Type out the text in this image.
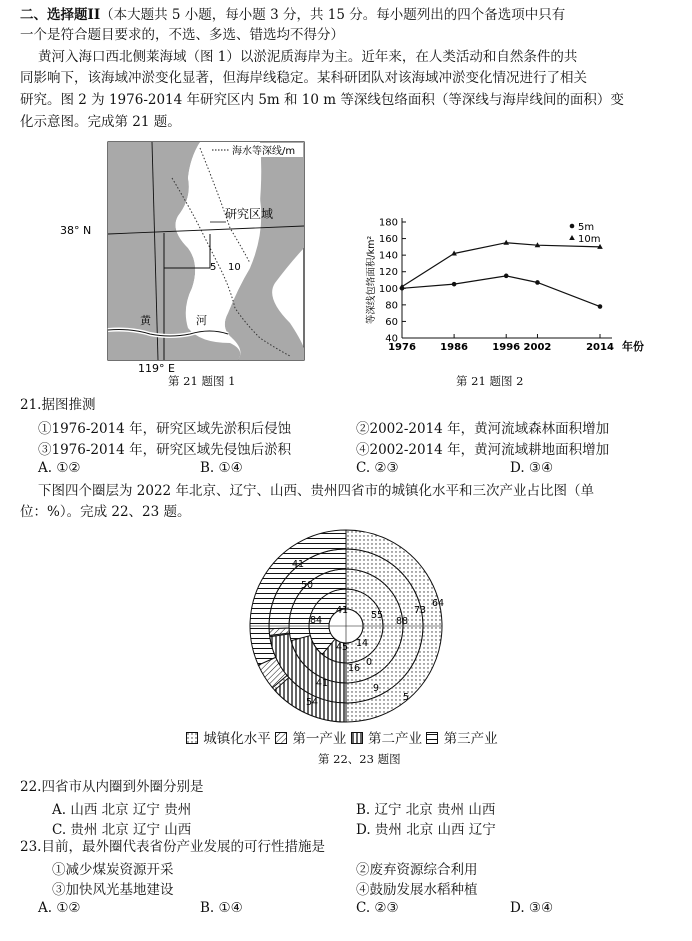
二、选择题II（本大题共 5 小题，每小题 3 分，共 15 分。每小题列出的四个备选项中只有
一个是符合题目要求的，不选、多选、错选均不得分）
黄河入海口西北侧莱海域（图 1）以淤泥质海岸为主。近年来，在人类活动和自然条件的共
同影响下，该海域冲淤变化显著，但海岸线稳定。某科研团队对该海域冲淤变化情况进行了相关
研究。图 2 为 1976-2014 年研究区内 5m 和 10 m 等深线包络面积（等深线与海岸线间的面积）变
化示意图。完成第 21 题。
海水等深线/m
研究区域
5 10
黄	河
38° N
119° E
第 21 题图 1
40
60
80
100
120
140
160
180
1976 1986 1996 2002	2014 年份
等深线包络面积/km²
5m
10m
第 21 题图 2
21.据图推测
①1976-2014 年，研究区域先淤积后侵蚀	②2002-2014 年，黄河流域森林面积增加
③1976-2014 年，研究区域先侵蚀后淤积	④2002-2014 年，黄河流域耕地面积增加
A. ①②	B. ①④	C. ②③	D. ③④
下图四个圈层为 2022 年北京、辽宁、山西、贵州四省市的城镇化水平和三次产业占比图（单
位：%）。完成 22、23 题。
41
50
84
41 55
88
73
64
14
45
0
16
41
54
9
5
城镇化水平 第一产业 第二产业 第三产业
第 22、23 题图
22.四省市从内圈到外圈分别是
A. 山西 北京 辽宁 贵州	B. 辽宁 北京 贵州 山西
C. 贵州 北京 辽宁 山西	D. 贵州 北京 山西 辽宁
23.目前，最外圈代表省份产业发展的可行性措施是
①减少煤炭资源开采	②废弃资源综合利用
③加快风光基地建设	④鼓励发展水稻种植
A. ①②	B. ①④	C. ②③	D. ③④
